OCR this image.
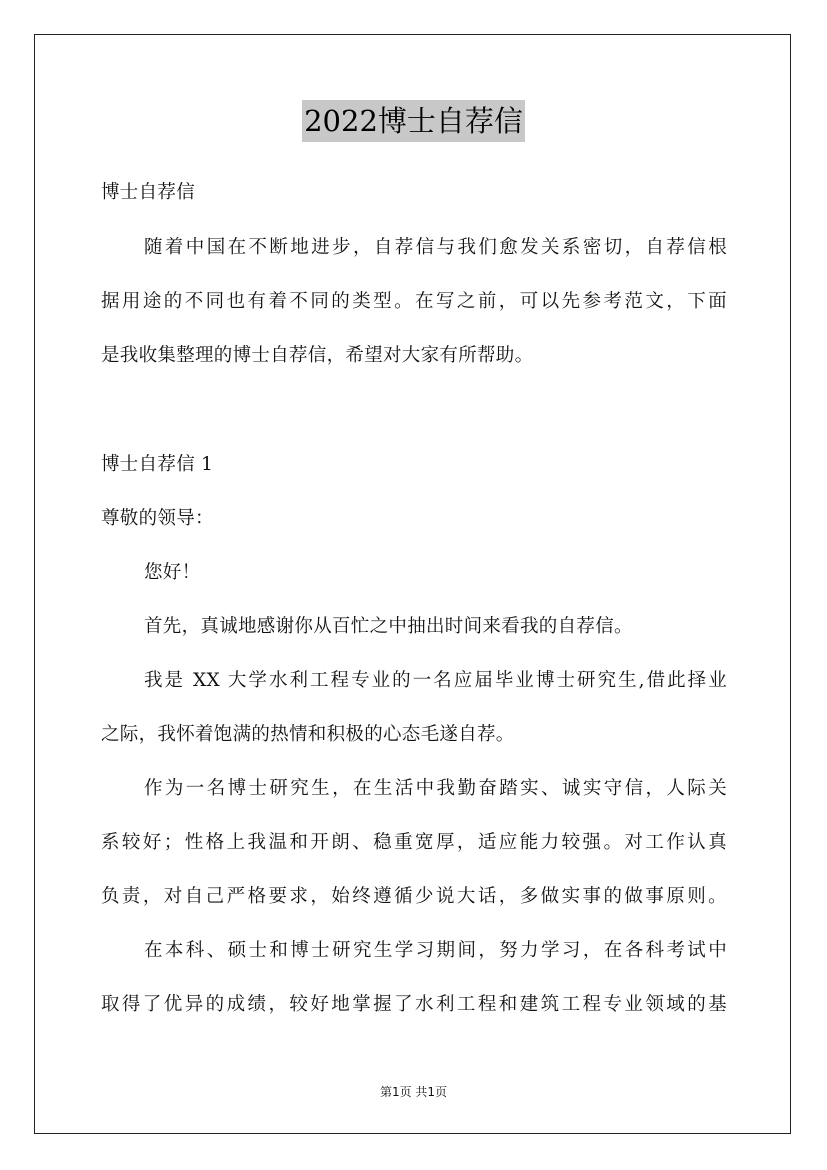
2022博士自荐信
博士自荐信
随着中国在不断地进步，自荐信与我们愈发关系密切，自荐信根
据用途的不同也有着不同的类型。在写之前，可以先参考范文，下面
是我收集整理的博士自荐信，希望对大家有所帮助。
博士自荐信 1
尊敬的领导：
您好！
首先，真诚地感谢你从百忙之中抽出时间来看我的自荐信。
我是 XX 大学水利工程专业的一名应届毕业博士研究生,借此择业
之际，我怀着饱满的热情和积极的心态毛遂自荐。
作为一名博士研究生，在生活中我勤奋踏实、诚实守信，人际关
系较好；性格上我温和开朗、稳重宽厚，适应能力较强。对工作认真
负责，对自己严格要求，始终遵循少说大话，多做实事的做事原则。
在本科、硕士和博士研究生学习期间，努力学习，在各科考试中
取得了优异的成绩，较好地掌握了水利工程和建筑工程专业领域的基
第1页 共1页
